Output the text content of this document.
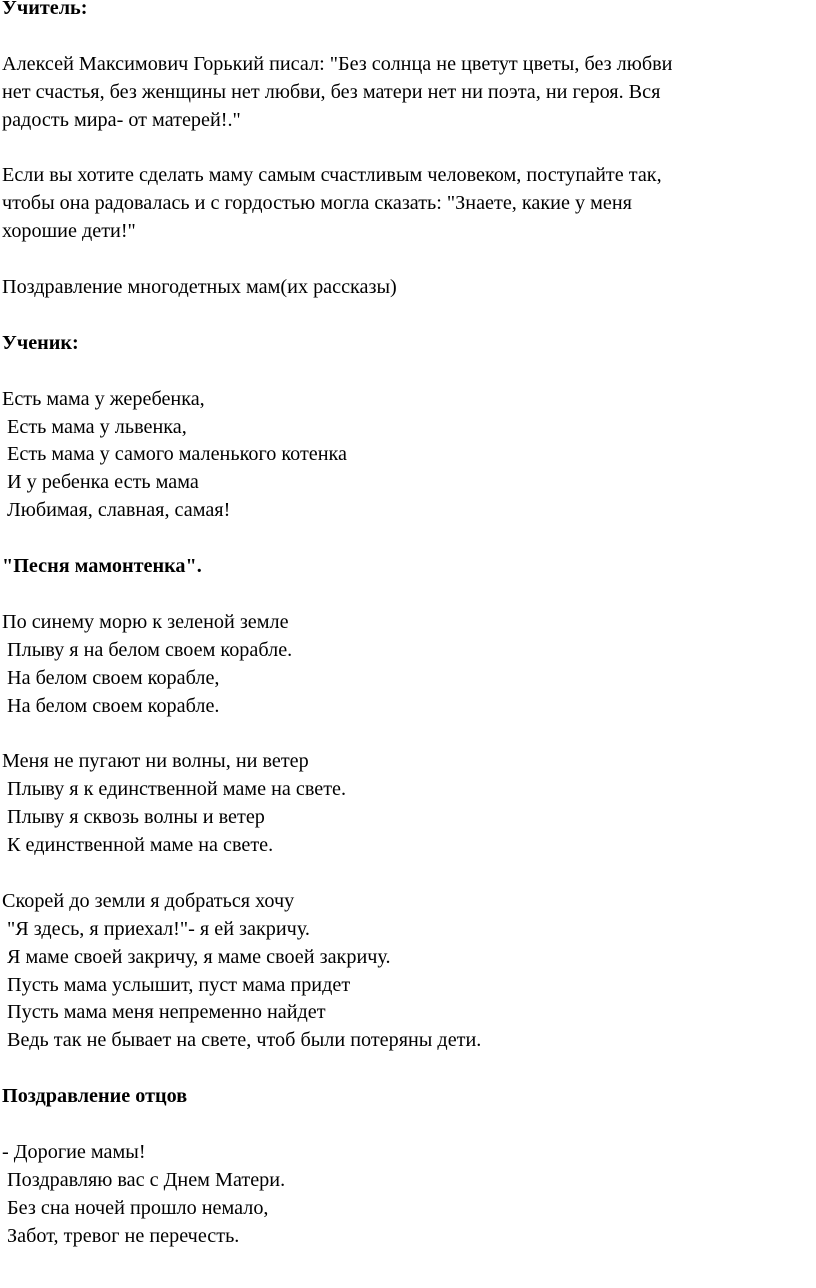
Учитель:

Алексей Максимович Горький писал: "Без солнца не цветут цветы, без любви
нет счастья, без женщины нет любви, без матери нет ни поэта, ни героя. Вся
радость мира- от матерей!."

Если вы хотите сделать маму самым счастливым человеком, поступайте так,
чтобы она радовалась и с гордостью могла сказать: "Знаете, какие у меня
хорошие дети!"

Поздравление многодетных мам(их рассказы)

Ученик:

Есть мама у жеребенка,
Есть мама у львенка,
Есть мама у самого маленького котенка
И у ребенка есть мама
Любимая, славная, самая!

"Песня мамонтенка".

По синему морю к зеленой земле
Плыву я на белом своем корабле.
На белом своем корабле,
На белом своем корабле.

Меня не пугают ни волны, ни ветер
Плыву я к единственной маме на свете.
Плыву я сквозь волны и ветер
К единственной маме на свете.

Скорей до земли я добраться хочу
"Я здесь, я приехал!"- я ей закричу.
Я маме своей закричу, я маме своей закричу.
Пусть мама услышит, пуст мама придет
Пусть мама меня непременно найдет
Ведь так не бывает на свете, чтоб были потеряны дети.

Поздравление отцов

- Дорогие мамы!
Поздравляю вас с Днем Матери.
Без сна ночей прошло немало,
Забот, тревог не перечесть.
